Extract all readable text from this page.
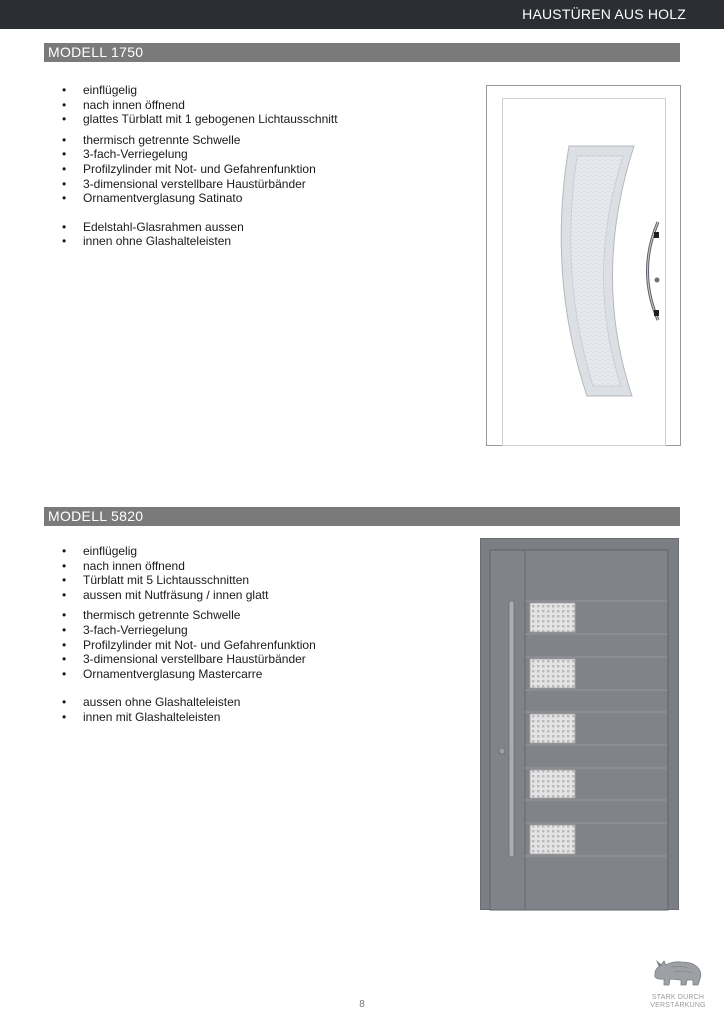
HAUSTÜREN AUS HOLZ
MODELL 1750
• einflügelig
• nach innen öffnend
• glattes Türblatt mit 1 gebogenen Lichtausschnitt
• thermisch getrennte Schwelle
• 3-fach-Verriegelung
• Profilzylinder mit Not- und Gefahrenfunktion
• 3-dimensional verstellbare Haustürbänder
• Ornamentverglasung Satinato
• Edelstahl-Glasrahmen aussen
• innen ohne Glashalteleisten
MODELL 5820
• einflügelig
• nach innen öffnend
• Türblatt mit 5 Lichtausschnitten
• aussen mit Nutfräsung / innen glatt
• thermisch getrennte Schwelle
• 3-fach-Verriegelung
• Profilzylinder mit Not- und Gefahrenfunktion
• 3-dimensional verstellbare Haustürbänder
• Ornamentverglasung Mastercarre
• aussen ohne Glashalteleisten
• innen mit Glashalteleisten
STARK DURCH
VERSTÄRKUNG
8
